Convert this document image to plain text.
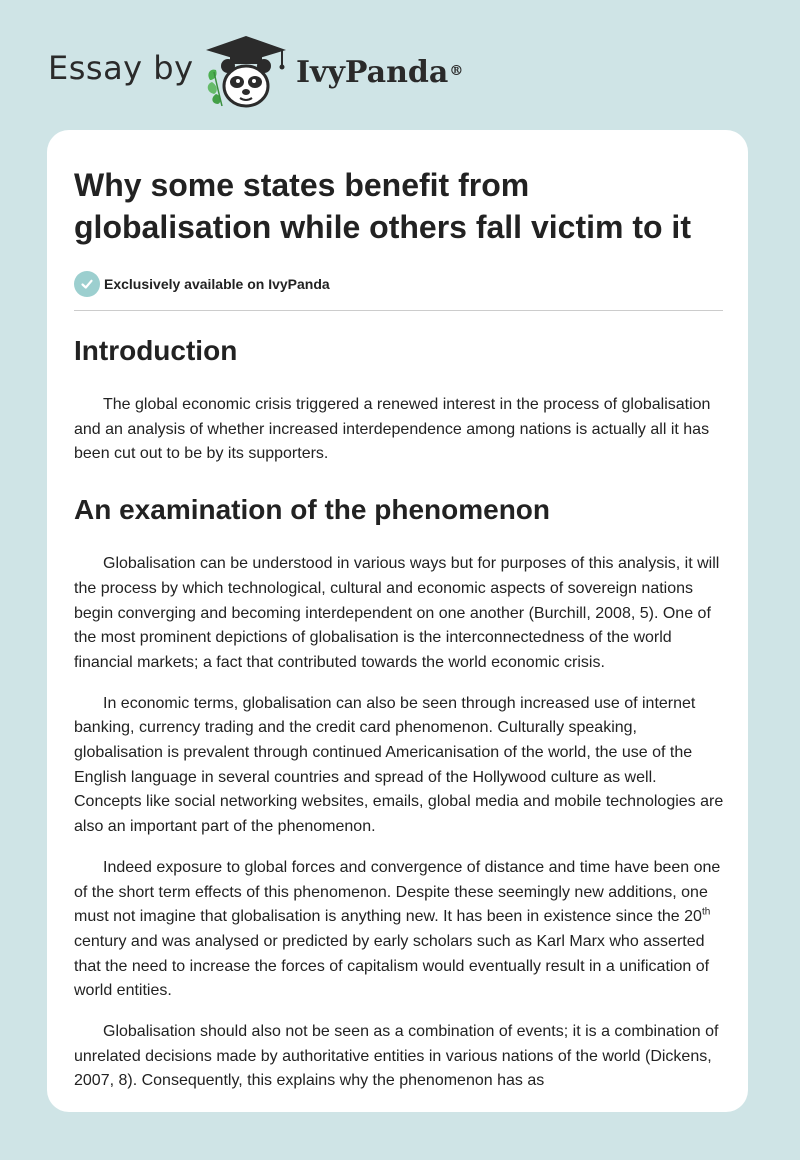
Essay by	IvyPanda®
Why some states benefit from globalisation while others fall victim to it
Exclusively available on IvyPanda
Introduction

The global economic crisis triggered a renewed interest in the process of globalisation and an analysis of whether increased interdependence among nations is actually all it has been cut out to be by its supporters.

An examination of the phenomenon

Globalisation can be understood in various ways but for purposes of this analysis, it will the process by which technological, cultural and economic aspects of sovereign nations begin converging and becoming interdependent on one another (Burchill, 2008, 5). One of the most prominent depictions of globalisation is the interconnectedness of the world financial markets; a fact that contributed towards the world economic crisis.

In economic terms, globalisation can also be seen through increased use of internet banking, currency trading and the credit card phenomenon. Culturally speaking, globalisation is prevalent through continued Americanisation of the world, the use of the English language in several countries and spread of the Hollywood culture as well. Concepts like social networking websites, emails, global media and mobile technologies are also an important part of the phenomenon.

Indeed exposure to global forces and convergence of distance and time have been one of the short term effects of this phenomenon. Despite these seemingly new additions, one must not imagine that globalisation is anything new. It has been in existence since the 20th century and was analysed or predicted by early scholars such as Karl Marx who asserted that the need to increase the forces of capitalism would eventually result in a unification of world entities.

Globalisation should also not be seen as a combination of events; it is a combination of unrelated decisions made by authoritative entities in various nations of the world (Dickens, 2007, 8). Consequently, this explains why the phenomenon has as
